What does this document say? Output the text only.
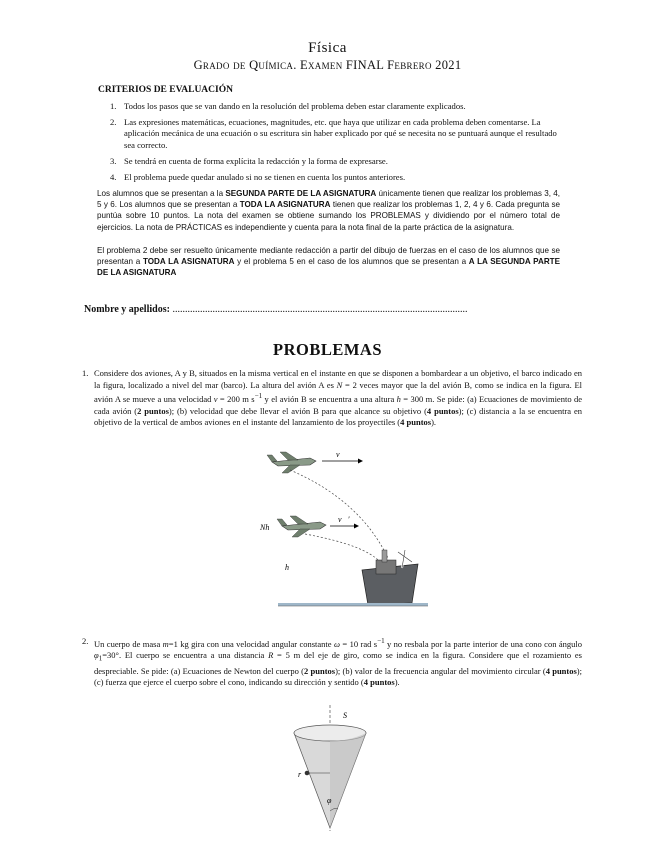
Física
Grado de Química. Examen FINAL Febrero 2021
CRITERIOS DE EVALUACIÓN
1. Todos los pasos que se van dando en la resolución del problema deben estar claramente explicados.
2. Las expresiones matemáticas, ecuaciones, magnitudes, etc. que haya que utilizar en cada problema deben comentarse. La aplicación mecánica de una ecuación o su escritura sin haber explicado por qué se necesita no se puntuará aunque el resultado sea correcto.
3. Se tendrá en cuenta de forma explícita la redacción y la forma de expresarse.
4. El problema puede quedar anulado si no se tienen en cuenta los puntos anteriores.
Los alumnos que se presentan a la SEGUNDA PARTE DE LA ASIGNATURA únicamente tienen que realizar los problemas 3, 4, 5 y 6. Los alumnos que se presentan a TODA LA ASIGNATURA tienen que realizar los problemas 1, 2, 4 y 6. Cada pregunta se puntúa sobre 10 puntos. La nota del examen se obtiene sumando los PROBLEMAS y dividiendo por el número total de ejercicios. La nota de PRÁCTICAS es independiente y cuenta para la nota final de la parte práctica de la asignatura.
El problema 2 debe ser resuelto únicamente mediante redacción a partir del dibujo de fuerzas en el caso de los alumnos que se presentan a TODA LA ASIGNATURA y el problema 5 en el caso de los alumnos que se presentan a A LA SEGUNDA PARTE DE LA ASIGNATURA
Nombre y apellidos: ......................................................................................................................
PROBLEMAS
1. Considere dos aviones, A y B, situados en la misma vertical en el instante en que se disponen a bombardear a un objetivo, el barco indicado en la figura, localizado a nivel del mar (barco). La altura del avión A es N = 2 veces mayor que la del avión B, como se indica en la figura. El avión A se mueve a una velocidad v = 200 m $s^{-1}$ y el avión B se encuentra a una altura h = 300 m. Se pide: (a) Ecuaciones de movimiento de cada avión (2 puntos); (b) velocidad que debe llevar el avión B para que alcance su objetivo (4 puntos); (c) distancia a la se encuentra en objetivo de la vertical de ambos aviones en el instante del lanzamiento de los proyectiles (4 puntos).
v⃗
Nh
v⃗′
h
2. Un cuerpo de masa m=1 kg gira con una velocidad angular constante ω = 10 rad $s^{-1}$ y no resbala por la parte interior de una cono con ángulo $\varphi_1=30^\circ$. El cuerpo se encuentra a una distancia R = 5 m del eje de giro, como se indica en la figura. Considere que el rozamiento es despreciable. Se pide: (a) Ecuaciones de Newton del cuerpo (2 puntos); (b) valor de la frecuencia angular del movimiento circular (4 puntos); (c) fuerza que ejerce el cuerpo sobre el cono, indicando su dirección y sentido (4 puntos).
S
r
φ
